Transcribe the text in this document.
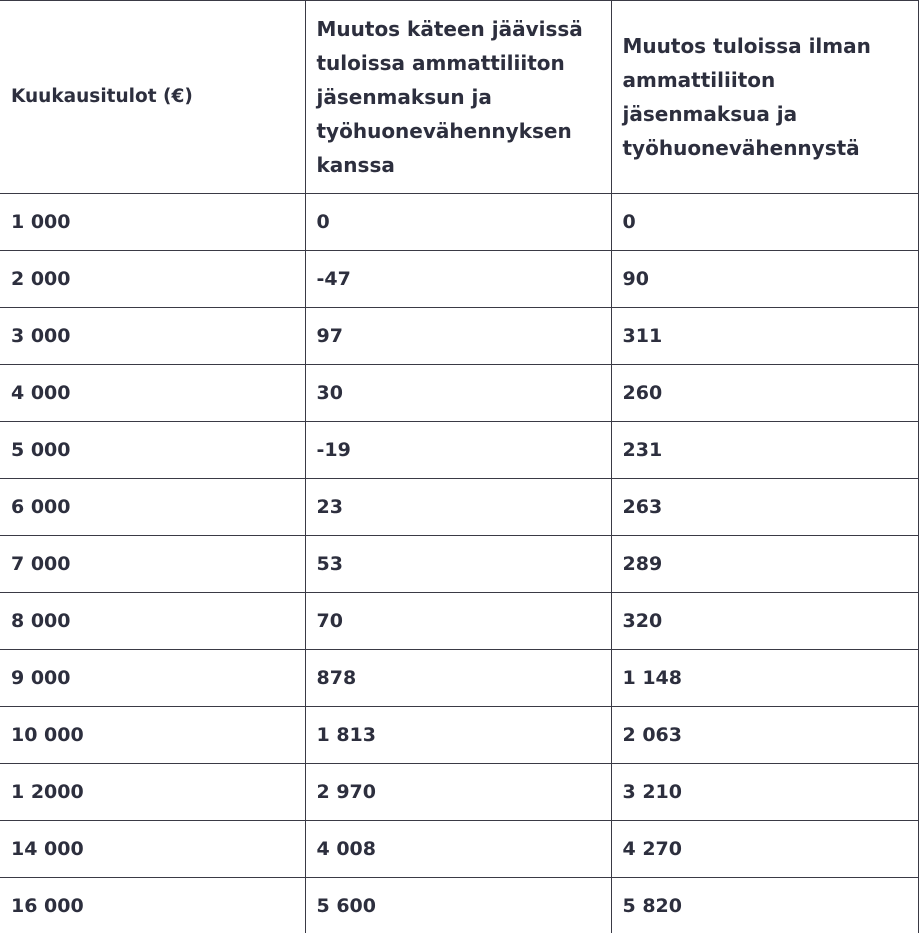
Kuukausitulot (€)	Muutos käteen jäävissä tuloissa ammattiliiton jäsenmaksun ja työhuonevähennyksen kanssa	Muutos tuloissa ilman ammattiliiton jäsenmaksua ja työhuonevähennystä
1 000	0	0
2 000	-47	90
3 000	97	311
4 000	30	260
5 000	-19	231
6 000	23	263
7 000	53	289
8 000	70	320
9 000	878	1 148
10 000	1 813	2 063
1 2000	2 970	3 210
14 000	4 008	4 270
16 000	5 600	5 820
